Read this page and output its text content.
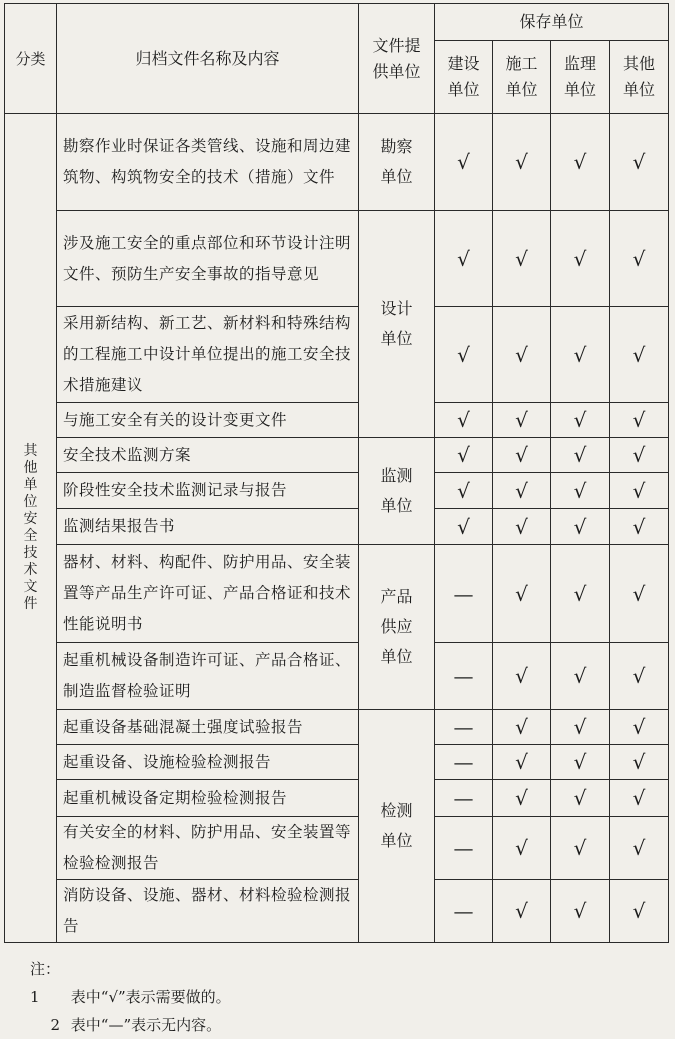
分类	归档文件名称及内容	文件提供单位	保存单位			

			建设单位	施工单位	监理单位	其他单位

其他单位安全技术文件	勘察作业时保证各类管线、设施和周边建筑物、构筑物安全的技术（措施）文件	勘察单位	√	√	√	√
	涉及施工安全的重点部位和环节设计注明文件、预防生产安全事故的指导意见	设计单位	√	√	√	√
	采用新结构、新工艺、新材料和特殊结构的工程施工中设计单位提出的施工安全技术措施建议		√	√	√	√
	与施工安全有关的设计变更文件		√	√	√	√
	安全技术监测方案	监测单位	√	√	√	√
	阶段性安全技术监测记录与报告		√	√	√	√
	监测结果报告书		√	√	√	√
	器材、材料、构配件、防护用品、安全装置等产品生产许可证、产品合格证和技术性能说明书	产品供应单位	—	√	√	√
	起重机械设备制造许可证、产品合格证、制造监督检验证明		—	√	√	√
	起重设备基础混凝土强度试验报告	检测单位	—	√	√	√
	起重设备、设施检验检测报告		—	√	√	√
	起重机械设备定期检验检测报告		—	√	√	√
	有关安全的材料、防护用品、安全装置等检验检测报告		—	√	√	√
	消防设备、设施、器材、材料检验检测报告		—	√	√	√
注：1 表中“√”表示需要做的。
2 表中“—”表示无内容。
